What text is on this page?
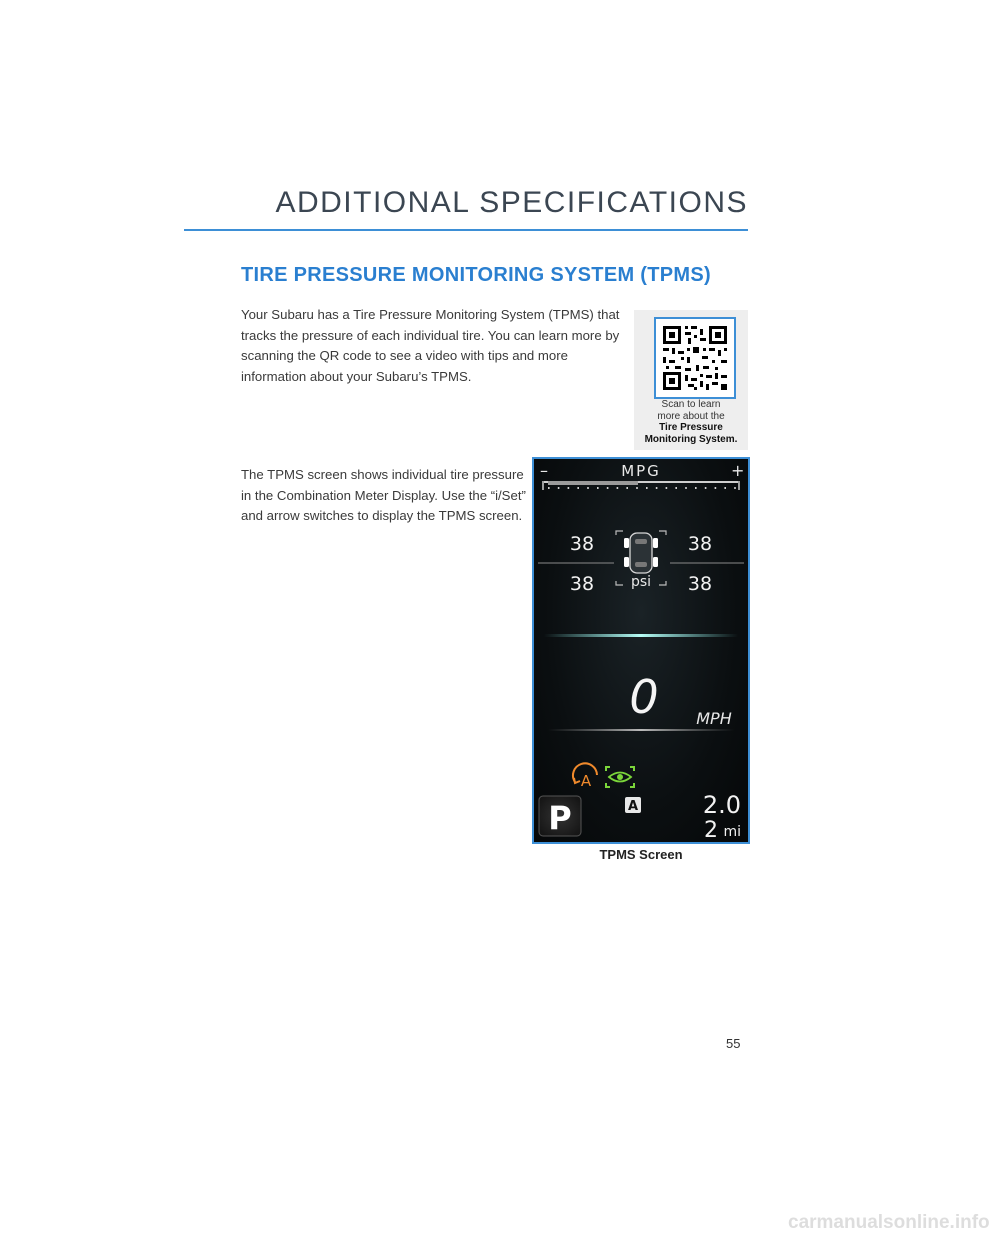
ADDITIONAL SPECIFICATIONS
TIRE PRESSURE MONITORING SYSTEM (TPMS)

Your Subaru has a Tire Pressure Monitoring System (TPMS) that tracks the pressure of each individual tire. You can learn more by scanning the QR code to see a video with tips and more information about your Subaru’s TPMS.

Scan to learn
more about the
Tire Pressure
Monitoring System.

The TPMS screen shows individual tire pressure in the Combination Meter Display. Use the “i/Set” and arrow switches to display the TPMS screen.

–	MPG	+
38	38
38	38
psi
0 MPH
A
P	A	2.0
2 mi
TPMS Screen
55
carmanualsonline.info
